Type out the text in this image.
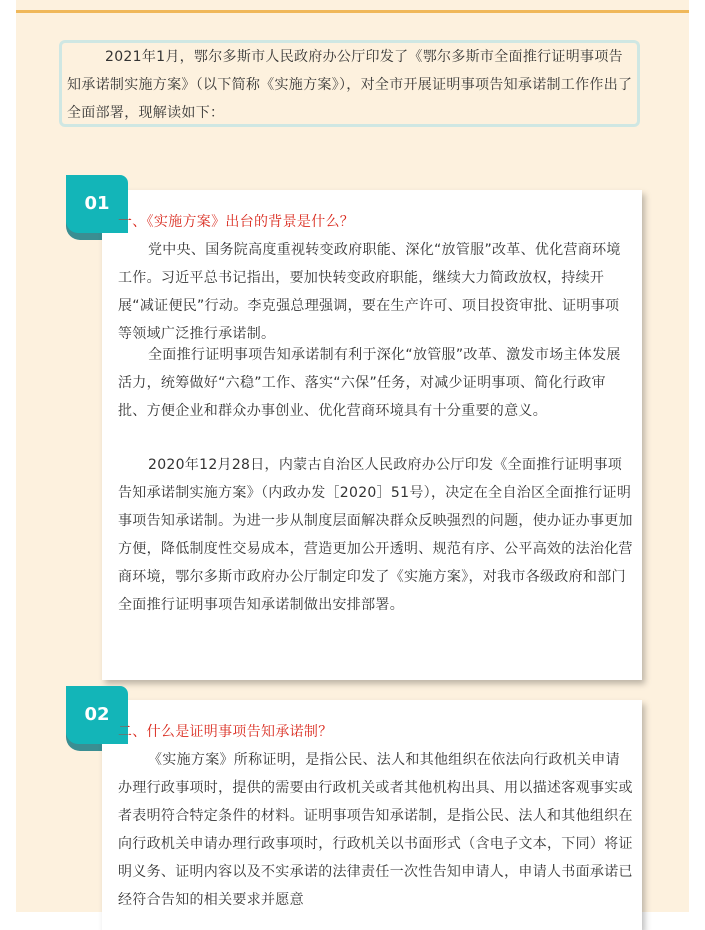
2021年1月，鄂尔多斯市人民政府办公厅印发了《鄂尔多斯市全面推行证明事项告知承诺制实施方案》（以下简称《实施方案》），对全市开展证明事项告知承诺制工作作出了全面部署，现解读如下：

01

一、《实施方案》出台的背景是什么？

党中央、国务院高度重视转变政府职能、深化“放管服”改革、优化营商环境工作。习近平总书记指出，要加快转变政府职能，继续大力简政放权，持续开展“减证便民”行动。李克强总理强调，要在生产许可、项目投资审批、证明事项等领域广泛推行承诺制。

全面推行证明事项告知承诺制有利于深化“放管服”改革、激发市场主体发展活力，统筹做好“六稳”工作、落实“六保”任务，对减少证明事项、简化行政审批、方便企业和群众办事创业、优化营商环境具有十分重要的意义。

2020年12月28日，内蒙古自治区人民政府办公厅印发《全面推行证明事项告知承诺制实施方案》（内政办发［2020］51号），决定在全自治区全面推行证明事项告知承诺制。为进一步从制度层面解决群众反映强烈的问题，使办证办事更加方便，降低制度性交易成本，营造更加公开透明、规范有序、公平高效的法治化营商环境，鄂尔多斯市政府办公厅制定印发了《实施方案》，对我市各级政府和部门全面推行证明事项告知承诺制做出安排部署。

02

二、什么是证明事项告知承诺制？

《实施方案》所称证明，是指公民、法人和其他组织在依法向行政机关申请办理行政事项时，提供的需要由行政机关或者其他机构出具、用以描述客观事实或者表明符合特定条件的材料。证明事项告知承诺制，是指公民、法人和其他组织在向行政机关申请办理行政事项时，行政机关以书面形式（含电子文本，下同）将证明义务、证明内容以及不实承诺的法律责任一次性告知申请人，申请人书面承诺已经符合告知的相关要求并愿意
